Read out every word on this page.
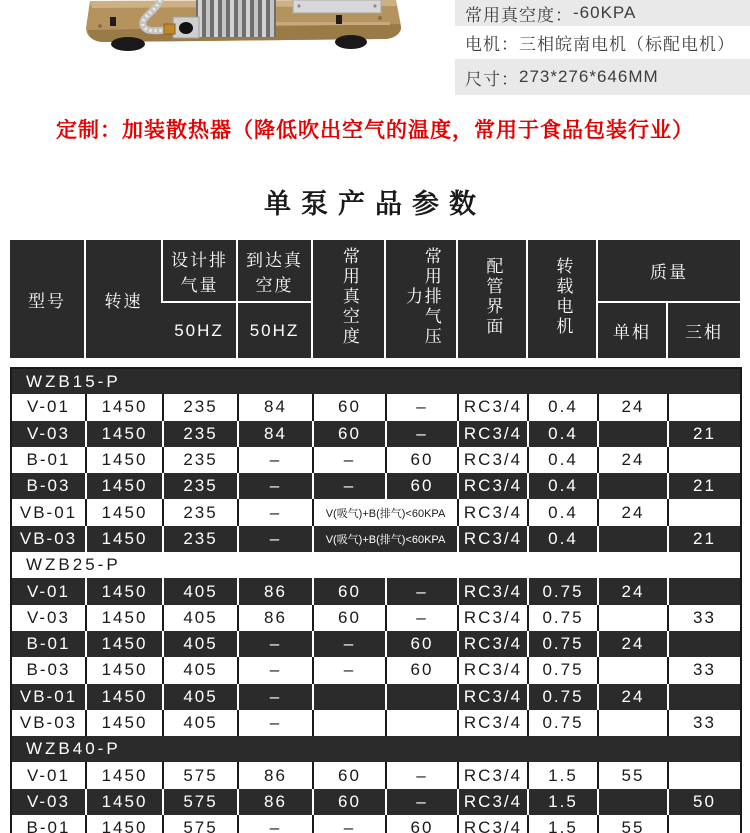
常用真空度： -60KPA
电机： 三相皖南电机（标配电机）
尺寸： 273*276*646MM
定制：加装散热器（降低吹出空气的温度，常用于食品包装行业）
单泵产品参数
型号	转速	设计排气量	到达真空度	常用真空度	常用排气压力	配管界面	转载电机	质量	
		50HZ	50HZ					单相	三相
WZB15-P									
V-01	1450	235	84	60	–	RC3/4	0.4	24	
V-03	1450	235	84	60	–	RC3/4	0.4		21
B-01	1450	235	–	–	60	RC3/4	0.4	24	
B-03	1450	235	–	–	60	RC3/4	0.4		21
VB-01	1450	235	–	V(吸气)+B(排气)<60KPA		RC3/4	0.4	24	
VB-03	1450	235	–	V(吸气)+B(排气)<60KPA		RC3/4	0.4		21
WZB25-P									
V-01	1450	405	86	60	–	RC3/4	0.75	24	
V-03	1450	405	86	60	–	RC3/4	0.75		33
B-01	1450	405	–	–	60	RC3/4	0.75	24	
B-03	1450	405	–	–	60	RC3/4	0.75		33
VB-01	1450	405	–			RC3/4	0.75	24	
VB-03	1450	405	–			RC3/4	0.75		33
WZB40-P									
V-01	1450	575	86	60	–	RC3/4	1.5	55	
V-03	1450	575	86	60	–	RC3/4	1.5		50
B-01	1450	575	–	–	60	RC3/4	1.5	55	
